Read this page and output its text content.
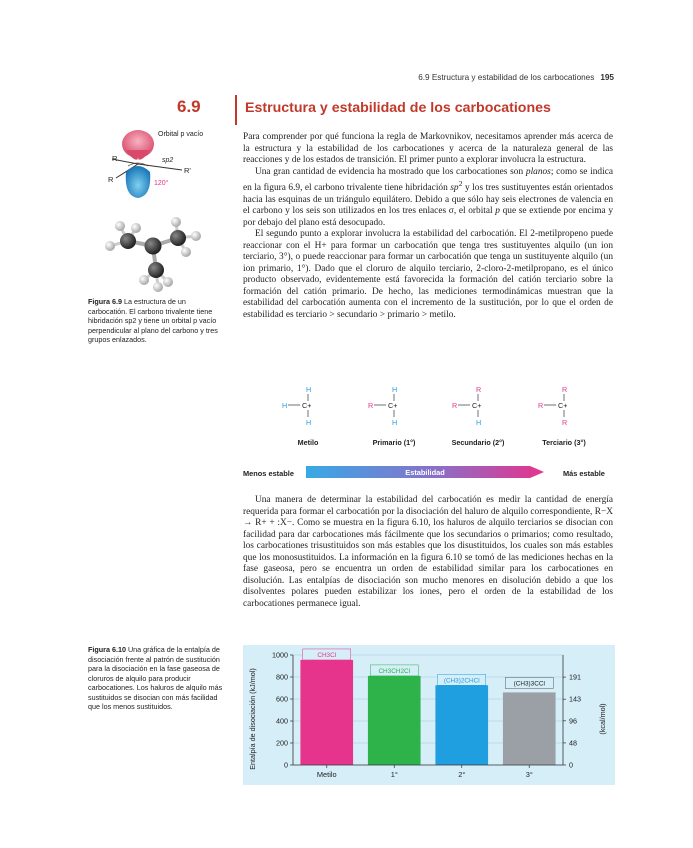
6.9 Estructura y estabilidad de los carbocationes 195
6.9	Estructura y estabilidad de los carbocationes

Para comprender por qué funciona la regla de Markovnikov, necesitamos aprender más acerca de la estructura y la estabilidad de los carbocationes y acerca de la naturaleza general de las reacciones y de los estados de transición. El primer punto a explorar involucra la estructura.

Una gran cantidad de evidencia ha mostrado que los carbocationes son planos; como se indica en la figura 6.9, el carbono trivalente tiene hibridación $sp^2$ y los tres sustituyentes están orientados hacia las esquinas de un triángulo equilátero. Debido a que sólo hay seis electrones de valencia en el carbono y los seis son utilizados en los tres enlaces σ, el orbital p que se extiende por encima y por debajo del plano está desocupado.

El segundo punto a explorar involucra la estabilidad del carbocatión. El 2-metilpropeno puede reaccionar con el H+ para formar un carbocatión que tenga tres sustituyentes alquilo (un ion terciario, 3°), o puede reaccionar para formar un carbocatión que tenga un sustituyente alquilo (un ion primario, 1°). Dado que el cloruro de alquilo terciario, 2-cloro-2-metilpropano, es el único producto observado, evidentemente está favorecida la formación del catión terciario sobre la formación del catión primario. De hecho, las mediciones termodinámicas muestran que la estabilidad del carbocatión aumenta con el incremento de la sustitución, por lo que el orden de estabilidad es terciario > secundario > primario > metilo.

R
R
R'
Orbital p vacío
sp2
120°
+
Figura 6.9 La estructura de un carbocatión. El carbono trivalente tiene hibridación sp2 y tiene un orbital p vacío perpendicular al plano del carbono y tres grupos enlazados.
H
H C+
H
H
R C+
H
R
R C+
H
R
R C+
R
Metilo	Primario (1°)	Secundario (2°)	Terciario (3°)
Menos estable	Estabilidad	Más estable

Una manera de determinar la estabilidad del carbocatión es medir la cantidad de energía requerida para formar el carbocatión por la disociación del haluro de alquilo correspondiente, R−X → R+ + :X−. Como se muestra en la figura 6.10, los haluros de alquilo terciarios se disocian con facilidad para dar carbocationes más fácilmente que los secundarios o primarios; como resultado, los carbocationes trisustituidos son más estables que los disustituidos, los cuales son más estables que los monosustituidos. La información en la figura 6.10 se tomó de las mediciones hechas en la fase gaseosa, pero se encuentra un orden de estabilidad similar para los carbocationes en disolución. Las entalpías de disociación son mucho menores en disolución debido a que los disolventes polares pueden estabilizar los iones, pero el orden de la estabilidad de los carbocationes permanece igual.

Figura 6.10 Una gráfica de la entalpía de disociación frente al patrón de sustitución para la disociación en la fase gaseosa de cloruros de alquilo para producir carbocationes. Los haluros de alquilo más sustituidos se disocian con más facilidad que los menos sustituidos.	Entalpía de disociación (kJ/mol)	(kcal/mol)
0
200
400
600
800
1000
0
48
96
143
191
Metilo	1°	2°	3°
CH3Cl
CH3CH2Cl
(CH3)2CHCl	(CH3)3CCl
